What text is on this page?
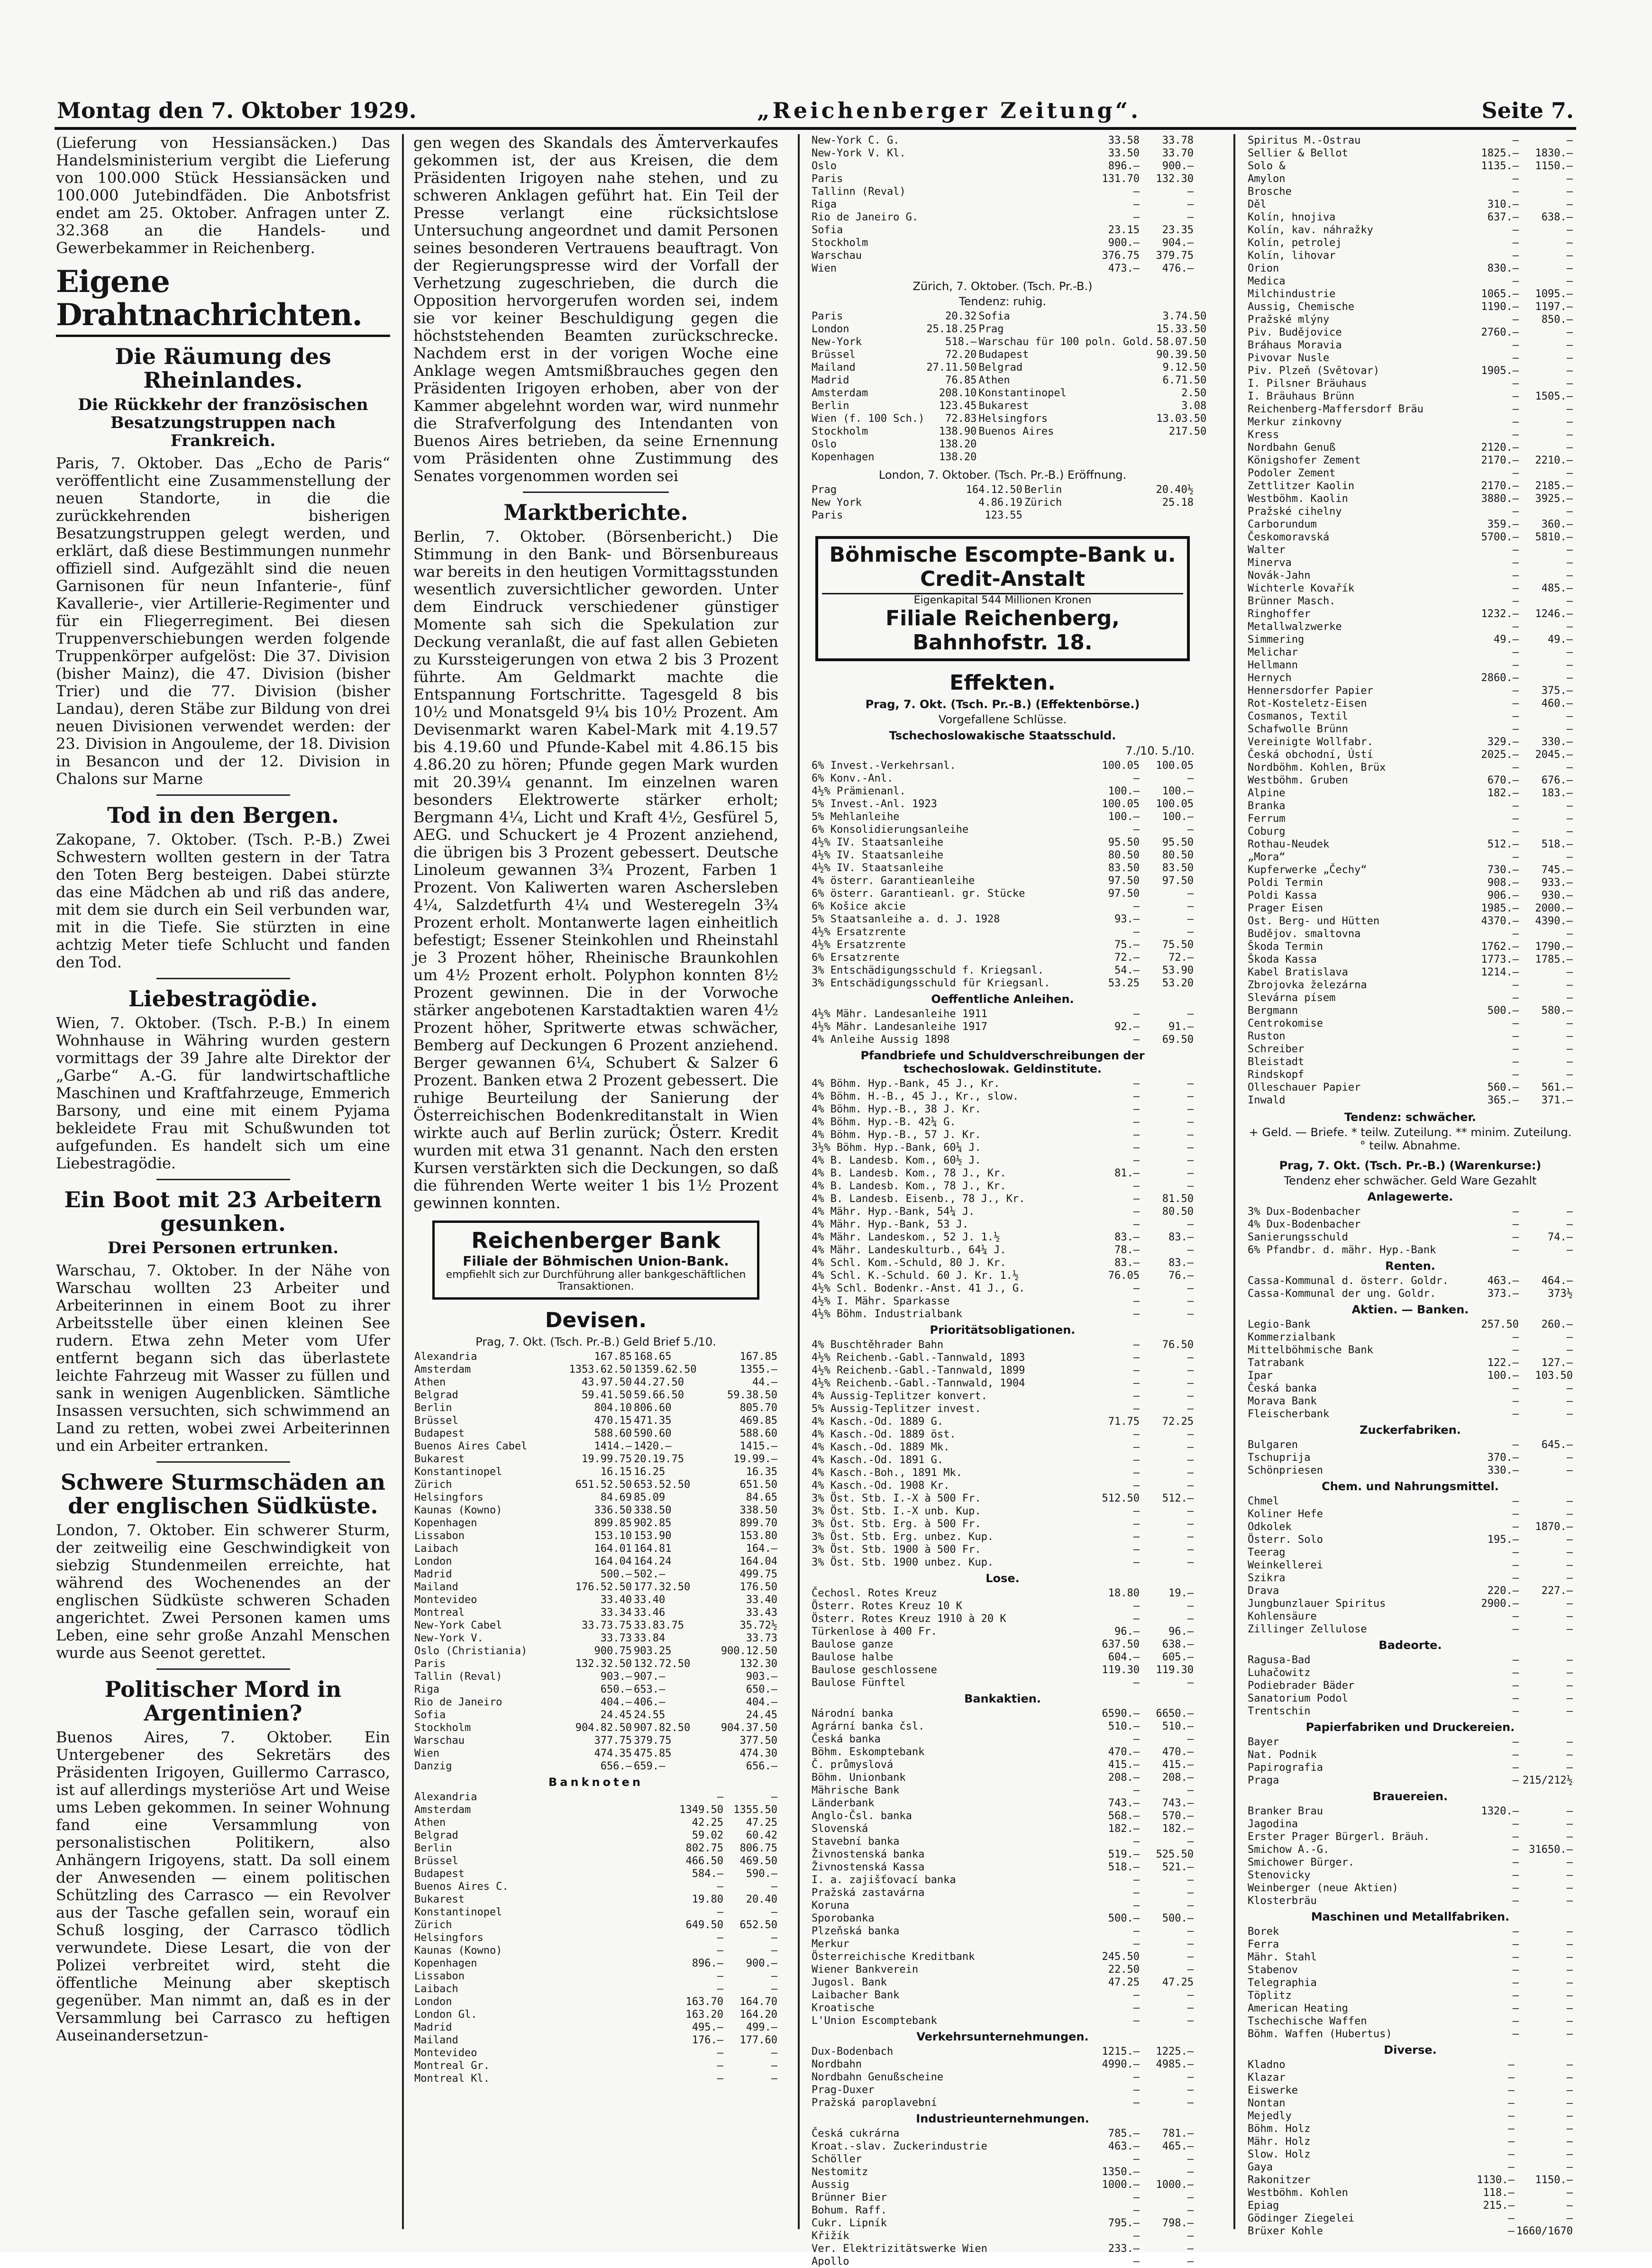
Montag den 7. Oktober 1929.	„Reichenberger Zeitung“.	Seite 7.

(Lieferung von Hessiansäcken.) Das Handelsministerium vergibt die Lieferung von 100.000 Stück Hessiansäcken und 100.000 Jutebindfäden. Die Anbotsfrist endet am 25. Oktober. Anfragen unter Z. 32.368 an die Handels- und Gewerbekammer in Reichenberg.

Eigene Drahtnachrichten.
Die Räumung des Rheinlandes.
Die Rückkehr der französischen Besatzungstruppen nach Frankreich.

Paris, 7. Oktober. Das „Echo de Paris“ veröffentlicht eine Zusammenstellung der neuen Standorte, in die die zurückkehrenden bisherigen Besatzungstruppen gelegt werden, und erklärt, daß diese Bestimmungen nunmehr offiziell sind. Aufgezählt sind die neuen Garnisonen für neun Infanterie-, fünf Kavallerie-, vier Artillerie-Regimenter und für ein Fliegerregiment. Bei diesen Truppenverschiebungen werden folgende Truppenkörper aufgelöst: Die 37. Division (bisher Mainz), die 47. Division (bisher Trier) und die 77. Division (bisher Landau), deren Stäbe zur Bildung von drei neuen Divisionen verwendet werden: der 23. Division in Angouleme, der 18. Division in Besancon und der 12. Division in Chalons sur Marne

Tod in den Bergen.

Zakopane, 7. Oktober. (Tsch. P.-B.) Zwei Schwestern wollten gestern in der Tatra den Toten Berg besteigen. Dabei stürzte das eine Mädchen ab und riß das andere, mit dem sie durch ein Seil verbunden war, mit in die Tiefe. Sie stürzten in eine achtzig Meter tiefe Schlucht und fanden den Tod.

Liebestragödie.

Wien, 7. Oktober. (Tsch. P.-B.) In einem Wohnhause in Währing wurden gestern vormittags der 39 Jahre alte Direktor der „Garbe“ A.-G. für landwirtschaftliche Maschinen und Kraftfahrzeuge, Emmerich Barsony, und eine mit einem Pyjama bekleidete Frau mit Schußwunden tot aufgefunden. Es handelt sich um eine Liebestragödie.

Ein Boot mit 23 Arbeitern gesunken.
Drei Personen ertrunken.

Warschau, 7. Oktober. In der Nähe von Warschau wollten 23 Arbeiter und Arbeiterinnen in einem Boot zu ihrer Arbeitsstelle über einen kleinen See rudern. Etwa zehn Meter vom Ufer entfernt begann sich das überlastete leichte Fahrzeug mit Wasser zu füllen und sank in wenigen Augenblicken. Sämtliche Insassen versuchten, sich schwimmend an Land zu retten, wobei zwei Arbeiterinnen und ein Arbeiter ertranken.

Schwere Sturmschäden an der englischen Südküste.

London, 7. Oktober. Ein schwerer Sturm, der zeitweilig eine Geschwindigkeit von siebzig Stundenmeilen erreichte, hat während des Wochenendes an der englischen Südküste schweren Schaden angerichtet. Zwei Personen kamen ums Leben, eine sehr große Anzahl Menschen wurde aus Seenot gerettet.

Politischer Mord in Argentinien?

Buenos Aires, 7. Oktober. Ein Untergebener des Sekretärs des Präsidenten Irigoyen, Guillermo Carrasco, ist auf allerdings mysteriöse Art und Weise ums Leben gekommen. In seiner Wohnung fand eine Versammlung von personalistischen Politikern, also Anhängern Irigoyens, statt. Da soll einem der Anwesenden — einem politischen Schützling des Carrasco — ein Revolver aus der Tasche gefallen sein, worauf ein Schuß losging, der Carrasco tödlich verwundete. Diese Lesart, die von der Polizei verbreitet wird, steht die öffentliche Meinung aber skeptisch gegenüber. Man nimmt an, daß es in der Versammlung bei Carrasco zu heftigen Auseinandersetzun-

gen wegen des Skandals des Ämterverkaufes gekommen ist, der aus Kreisen, die dem Präsidenten Irigoyen nahe stehen, und zu schweren Anklagen geführt hat. Ein Teil der Presse verlangt eine rücksichtslose Untersuchung angeordnet und damit Personen seines besonderen Vertrauens beauftragt. Von der Regierungspresse wird der Vorfall der Verhetzung zugeschrieben, die durch die Opposition hervorgerufen worden sei, indem sie vor keiner Beschuldigung gegen die höchststehenden Beamten zurückschrecke. Nachdem erst in der vorigen Woche eine Anklage wegen Amtsmißbrauches gegen den Präsidenten Irigoyen erhoben, aber von der Kammer abgelehnt worden war, wird nunmehr die Strafverfolgung des Intendanten von Buenos Aires betrieben, da seine Ernennung vom Präsidenten ohne Zustimmung des Senates vorgenommen worden sei

Marktberichte.

Berlin, 7. Oktober. (Börsenbericht.) Die Stimmung in den Bank- und Börsenbureaus war bereits in den heutigen Vormittagsstunden wesentlich zuversichtlicher geworden. Unter dem Eindruck verschiedener günstiger Momente sah sich die Spekulation zur Deckung veranlaßt, die auf fast allen Gebieten zu Kurssteigerungen von etwa 2 bis 3 Prozent führte. Am Geldmarkt machte die Entspannung Fortschritte. Tagesgeld 8 bis 10½ und Monatsgeld 9¼ bis 10½ Prozent. Am Devisenmarkt waren Kabel-Mark mit 4.19.57 bis 4.19.60 und Pfunde-Kabel mit 4.86.15 bis 4.86.20 zu hören; Pfunde gegen Mark wurden mit 20.39¼ genannt. Im einzelnen waren besonders Elektrowerte stärker erholt; Bergmann 4¼, Licht und Kraft 4½, Gesfürel 5, AEG. und Schuckert je 4 Prozent anziehend, die übrigen bis 3 Prozent gebessert. Deutsche Linoleum gewannen 3¾ Prozent, Farben 1 Prozent. Von Kaliwerten waren Aschersleben 4¼, Salzdetfurth 4¼ und Westeregeln 3¾ Prozent erholt. Montanwerte lagen einheitlich befestigt; Essener Steinkohlen und Rheinstahl je 3 Prozent höher, Rheinische Braunkohlen um 4½ Prozent erholt. Polyphon konnten 8½ Prozent gewinnen. Die in der Vorwoche stärker angebotenen Karstadtaktien waren 4½ Prozent höher, Spritwerte etwas schwächer, Bemberg auf Deckungen 6 Prozent anziehend. Berger gewannen 6¼, Schubert & Salzer 6 Prozent. Banken etwa 2 Prozent gebessert. Die ruhige Beurteilung der Sanierung der Österreichischen Bodenkreditanstalt in Wien wirkte auch auf Berlin zurück; Österr. Kredit wurden mit etwa 31 genannt. Nach den ersten Kursen verstärkten sich die Deckungen, so daß die führenden Werte weiter 1 bis 1½ Prozent gewinnen konnten.

Reichenberger Bank
Filiale der Böhmischen Union-Bank.
empfiehlt sich zur Durchführung aller bankgeschäftlichen Transaktionen.
Devisen.
Prag, 7. Okt. (Tsch. Pr.-B.) Geld Brief 5./10.
Alexandria	167.85	168.65	167.85
Amsterdam	1353.62.50	1359.62.50	1355.—
Athen	43.97.50	44.27.50	44.—
Belgrad	59.41.50	59.66.50	59.38.50
Berlin	804.10	806.60	805.70
Brüssel	470.15	471.35	469.85
Budapest	588.60	590.60	588.60
Buenos Aires Cabel	1414.—	1420.—	1415.—
Bukarest	19.99.75	20.19.75	19.99.—
Konstantinopel	16.15	16.25	16.35
Zürich	651.52.50	653.52.50	651.50
Helsingfors	84.69	85.09	84.65
Kaunas (Kowno)	336.50	338.50	338.50
Kopenhagen	899.85	902.85	899.70
Lissabon	153.10	153.90	153.80
Laibach	164.01	164.81	164.—
London	164.04	164.24	164.04
Madrid	500.—	502.—	499.75
Mailand	176.52.50	177.32.50	176.50
Montevideo	33.40	33.40	33.40
Montreal	33.34	33.46	33.43
New-York Cabel	33.73.75	33.83.75	35.72½
New-York V.	33.73	33.84	33.73
Oslo (Christiania)	900.75	903.25	900.12.50
Paris	132.32.50	132.72.50	132.30
Tallin (Reval)	903.—	907.—	903.—
Riga	650.—	653.—	650.—
Rio de Janeiro	404.—	406.—	404.—
Sofia	24.45	24.55	24.45
Stockholm	904.82.50	907.82.50	904.37.50
Warschau	377.75	379.75	377.50
Wien	474.35	475.85	474.30
Danzig	656.—	659.—	656.—
Banknoten
Alexandria	—	—
Amsterdam	1349.50	1355.50
Athen	42.25	47.25
Belgrad	59.02	60.42
Berlin	802.75	806.75
Brüssel	466.50	469.50
Budapest	584.—	590.—
Buenos Aires C.	—	—
Bukarest	19.80	20.40
Konstantinopel	—	—
Zürich	649.50	652.50
Helsingfors	—	—
Kaunas (Kowno)	—	—
Kopenhagen	896.—	900.—
Lissabon	—	—
Laibach	—	—
London	163.70	164.70
London Gl.	163.20	164.20
Madrid	495.—	499.—
Mailand	176.—	177.60
Montevideo	—	—
Montreal Gr.	—	—
Montreal Kl.	—	—
New-York C. G.	33.58	33.78
New-York V. Kl.	33.50	33.70
Oslo	896.—	900.—
Paris	131.70	132.30
Tallinn (Reval)	—	—
Riga	—	—
Rio de Janeiro G.	—	—
Sofia	23.15	23.35
Stockholm	900.—	904.—
Warschau	376.75	379.75
Wien	473.—	476.—
Zürich, 7. Oktober. (Tsch. Pr.-B.)
Tendenz: ruhig.
Paris	20.32	Sofia	3.74.50
London	25.18.25	Prag	15.33.50
New-York	518.—	Warschau für 100 poln. Gold.	58.07.50
Brüssel	72.20	Budapest	90.39.50
Mailand	27.11.50	Belgrad	9.12.50
Madrid	76.85	Athen	6.71.50
Amsterdam	208.10	Konstantinopel	2.50
Berlin	123.45	Bukarest	3.08
Wien (f. 100 Sch.)	72.83	Helsingfors	13.03.50
Stockholm	138.90	Buenos Aires	217.50
Oslo	138.20		
Kopenhagen	138.20		
London, 7. Oktober. (Tsch. Pr.-B.) Eröffnung.
Prag	164.12.50	Berlin	20.40½
New York	4.86.19	Zürich	25.18
Paris	123.55		
Böhmische Escompte-Bank u. Credit-Anstalt
Eigenkapital 544 Millionen Kronen
Filiale Reichenberg, Bahnhofstr. 18.
Effekten.
Prag, 7. Okt. (Tsch. Pr.-B.) (Effektenbörse.)
Vorgefallene Schlüsse.
Tschechoslowakische Staatsschuld.
7./10. 5./10.
6% Invest.-Verkehrsanl.	100.05	100.05
6% Konv.-Anl.	—	—
4½% Prämienanl.	100.—	100.—
5% Invest.-Anl. 1923	100.05	100.05
5% Mehlanleihe	100.—	100.—
6% Konsolidierungsanleihe	—	—
4½% IV. Staatsanleihe	95.50	95.50
4½% IV. Staatsanleihe	80.50	80.50
4½% IV. Staatsanleihe	83.50	83.50
4% österr. Garantieanleihe	97.50	97.50
6% österr. Garantieanl. gr. Stücke	97.50	—
6% Košice akcie	—	—
5% Staatsanleihe a. d. J. 1928	93.—	—
4½% Ersatzrente	—	—
4½% Ersatzrente	75.—	75.50
6% Ersatzrente	72.—	72.—
3% Entschädigungsschuld f. Kriegsanl.	54.—	53.90
3% Entschädigungsschuld für Kriegsanl.	53.25	53.20
Oeffentliche Anleihen.
4½% Mähr. Landesanleihe 1911	—	—
4½% Mähr. Landesanleihe 1917	92.—	91.—
4% Anleihe Aussig 1898	—	69.50
Pfandbriefe und Schuldverschreibungen der tschechoslowak. Geldinstitute.
4% Böhm. Hyp.-Bank, 45 J., Kr.	—	—
4% Böhm. H.-B., 45 J., Kr., slow.	—	—
4% Böhm. Hyp.-B., 38 J. Kr.	—	—
4% Böhm. Hyp.-B. 42¼ G.	—	—
4% Böhm. Hyp.-B., 57 J. Kr.	—	—
3½% Böhm. Hyp.-Bank, 60¼ J.	—	—
4% B. Landesb. Kom., 60½ J.	—	—
4% B. Landesb. Kom., 78 J., Kr.	81.—	—
4% B. Landesb. Kom., 78 J., Kr.	—	—
4% B. Landesb. Eisenb., 78 J., Kr.	—	81.50
4% Mähr. Hyp.-Bank, 54¼ J.	—	80.50
4% Mähr. Hyp.-Bank, 53 J.	—	—
4% Mähr. Landeskom., 52 J. 1.½	83.—	83.—
4% Mähr. Landeskulturb., 64¼ J.	78.—	—
4% Schl. Kom.-Schuld, 80 J. Kr.	83.—	83.—
4% Schl. K.-Schuld. 60 J. Kr. 1.½	76.05	76.—
4½% Schl. Bodenkr.-Anst. 41 J., G.	—	—
4½% I. Mähr. Sparkasse	—	—
4½% Böhm. Industrialbank	—	—
Prioritätsobligationen.
4% Buschtěhrader Bahn	—	76.50
4½% Reichenb.-Gabl.-Tannwald, 1893	—	—
4½% Reichenb.-Gabl.-Tannwald, 1899	—	—
4½% Reichenb.-Gabl.-Tannwald, 1904	—	—
4% Aussig-Teplitzer konvert.	—	—
5% Aussig-Teplitzer invest.	—	—
4% Kasch.-Od. 1889 G.	71.75	72.25
4% Kasch.-Od. 1889 öst.	—	—
4% Kasch.-Od. 1889 Mk.	—	—
4% Kasch.-Od. 1891 G.	—	—
4% Kasch.-Boh., 1891 Mk.	—	—
4% Kasch.-Od. 1908 Kr.	—	—
3% Öst. Stb. I.-X à 500 Fr.	512.50	512.—
3% Öst. Stb. I.-X unb. Kup.	—	—
3% Öst. Stb. Erg. à 500 Fr.	—	—
3% Öst. Stb. Erg. unbez. Kup.	—	—
3% Öst. Stb. 1900 à 500 Fr.	—	—
3% Öst. Stb. 1900 unbez. Kup.	—	—
Lose.
Čechosl. Rotes Kreuz	18.80	19.—
Österr. Rotes Kreuz 10 K	—	—
Österr. Rotes Kreuz 1910 à 20 K	—	—
Türkenlose à 400 Fr.	96.—	96.—
Baulose ganze	637.50	638.—
Baulose halbe	604.—	605.—
Baulose geschlossene	119.30	119.30
Baulose Fünftel	—	—
Bankaktien.
Národní banka	6590.—	6650.—
Agrární banka čsl.	510.—	510.—
Česká banka	—	—
Böhm. Eskomptebank	470.—	470.—
Č. průmyslová	415.—	415.—
Böhm. Unionbank	208.—	208.—
Mährische Bank	—	—
Länderbank	743.—	743.—
Anglo-Čsl. banka	568.—	570.—
Slovenská	182.—	182.—
Stavební banka	—	—
Živnostenská banka	519.—	525.50
Živnostenská Kassa	518.—	521.—
I. a. zajišťovací banka	—	—
Pražská zastavárna	—	—
Koruna	—	—
Sporobanka	500.—	500.—
Plzeňská banka	—	—
Merkur	—	—
Österreichische Kreditbank	245.50	—
Wiener Bankverein	22.50	—
Jugosl. Bank	47.25	47.25
Laibacher Bank	—	—
Kroatische	—	—
L'Union Escomptebank	—	—
Verkehrsunternehmungen.
Dux-Bodenbach	1215.—	1225.—
Nordbahn	4990.—	4985.—
Nordbahn Genußscheine	—	—
Prag-Duxer	—	—
Pražská paroplavební	—	—
Industrieunternehmungen.
Česká cukrárna	785.—	781.—
Kroat.-slav. Zuckerindustrie	463.—	465.—
Schöller	—	—
Nestomitz	1350.—	—
Aussig	1000.—	1000.—
Brünner Bier	—	—
Bohum. Raff.	—	—
Cukr. Lipník	795.—	798.—
Křižík	—	—
Ver. Elektrizitätswerke Wien	233.—	—
Apollo	—	—
Spiritus M.-Ostrau	—	—
Sellier & Bellot	1825.—	1830.—
Solo &	1135.—	1150.—
Amylon	—	—
Brosche	—	—
Děl	310.—	—
Kolín, hnojiva	637.—	638.—
Kolín, kav. náhražky	—	—
Kolín, petrolej	—	—
Kolín, lihovar	—	—
Orion	830.—	—
Medica	—	—
Milchindustrie	1065.—	1095.—
Aussig, Chemische	1190.—	1197.—
Pražské mlýny	—	850.—
Piv. Budějovice	2760.—	—
Bráhaus Moravia	—	—
Pivovar Nusle	—	—
Piv. Plzeň (Světovar)	1905.—	—
I. Pilsner Bräuhaus	—	—
I. Bräuhaus Brünn	—	1505.—
Reichenberg-Maffersdorf Bräu	—	—
Merkur zinkovny	—	—
Kress	—	—
Nordbahn Genuß	2120.—	—
Königshofer Zement	2170.—	2210.—
Podoler Zement	—	—
Zettlitzer Kaolin	2170.—	2185.—
Westböhm. Kaolin	3880.—	3925.—
Pražské cihelny	—	—
Carborundum	359.—	360.—
Českomoravská	5700.—	5810.—
Walter	—	—
Minerva	—	—
Novák-Jahn	—	—
Wichterle Kovařík	—	485.—
Brünner Masch.	—	—
Ringhoffer	1232.—	1246.—
Metallwalzwerke	—	—
Simmering	49.—	49.—
Melichar	—	—
Hellmann	—	—
Hernych	2860.—	—
Hennersdorfer Papier	—	375.—
Rot-Kosteletz-Eisen	—	460.—
Cosmanos, Textil	—	—
Schafwolle Brünn	—	—
Vereinigte Wollfabr.	329.—	330.—
Česká obchodní, Ústí	2025.—	2045.—
Nordböhm. Kohlen, Brüx	—	—
Westböhm. Gruben	670.—	676.—
Alpine	182.—	183.—
Branka	—	—
Ferrum	—	—
Coburg	—	—
Rothau-Neudek	512.—	518.—
„Mora“	—	—
Kupferwerke „Čechy“	730.—	745.—
Poldi Termin	908.—	933.—
Poldi Kassa	906.—	930.—
Prager Eisen	1985.—	2000.—
Ost. Berg- und Hütten	4370.—	4390.—
Budějov. smaltovna	—	—
Škoda Termin	1762.—	1790.—
Škoda Kassa	1773.—	1785.—
Kabel Bratislava	1214.—	—
Zbrojovka železárna	—	—
Slevárna písem	—	—
Bergmann	500.—	580.—
Centrokomise	—	—
Ruston	—	—
Schreiber	—	—
Bleistadt	—	—
Rindskopf	—	—
Olleschauer Papier	560.—	561.—
Inwald	365.—	371.—
Tendenz: schwächer.
+ Geld. — Briefe. * teilw. Zuteilung. ** minim. Zuteilung. ° teilw. Abnahme.
Prag, 7. Okt. (Tsch. Pr.-B.) (Warenkurse:)
Tendenz eher schwächer. Geld Ware Gezahlt
Anlagewerte.
3% Dux-Bodenbacher	—	—
4% Dux-Bodenbacher	—	—
Sanierungsschuld	—	74.—
6% Pfandbr. d. mähr. Hyp.-Bank	—	—
Renten.
Cassa-Kommunal d. österr. Goldr.	463.—	464.—
Cassa-Kommunal der ung. Goldr.	373.—	373½
Aktien. — Banken.
Legio-Bank	257.50	260.—
Kommerzialbank	—	—
Mittelböhmische Bank	—	—
Tatrabank	122.—	127.—
Ipar	100.—	103.50
Česká banka	—	—
Morava Bank	—	—
Fleischerbank	—	—
Zuckerfabriken.
Bulgaren	—	645.—
Tschuprija	370.—	—
Schönpriesen	330.—	—
Chem. und Nahrungsmittel.
Chmel	—	—
Koliner Hefe	—	—
Odkolek	—	1870.—
Österr. Solo	195.—	—
Teerag	—	—
Weinkellerei	—	—
Szikra	—	—
Drava	220.—	227.—
Jungbunzlauer Spiritus	2900.—	—
Kohlensäure	—	—
Zillinger Zellulose	—	—
Badeorte.
Ragusa-Bad	—	—
Luhačowitz	—	—
Podiebrader Bäder	—	—
Sanatorium Podol	—	—
Trentschin	—	—
Papierfabriken und Druckereien.
Bayer	—	—
Nat. Podnik	—	—
Papirografia	—	—
Praga	—	215/212½
Brauereien.
Branker Brau	1320.—	—
Jagodina	—	—
Erster Prager Bürgerl. Bräuh.	—	—
Smichow A.-G.	—	31650.—
Smichower Bürger.	—	—
Stenovicky	—	—
Weinberger (neue Aktien)	—	—
Klosterbräu	—	—
Maschinen und Metallfabriken.
Borek	—	—
Ferra	—	—
Mähr. Stahl	—	—
Stabenov	—	—
Telegraphia	—	—
Töplitz	—	—
American Heating	—	—
Tschechische Waffen	—	—
Böhm. Waffen (Hubertus)	—	—
Diverse.
Kladno	—	—
Klazar	—	—
Eiswerke	—	—
Nontan	—	—
Mejedly	—	—
Böhm. Holz	—	—
Mähr. Holz	—	—
Slow. Holz	—	—
Gaya	—	—
Rakonitzer	1130.—	1150.—
Westböhm. Kohlen	118.—	—
Epiag	215.—	—
Gödinger Ziegelei	—	—
Brüxer Kohle	—	1660/1670
